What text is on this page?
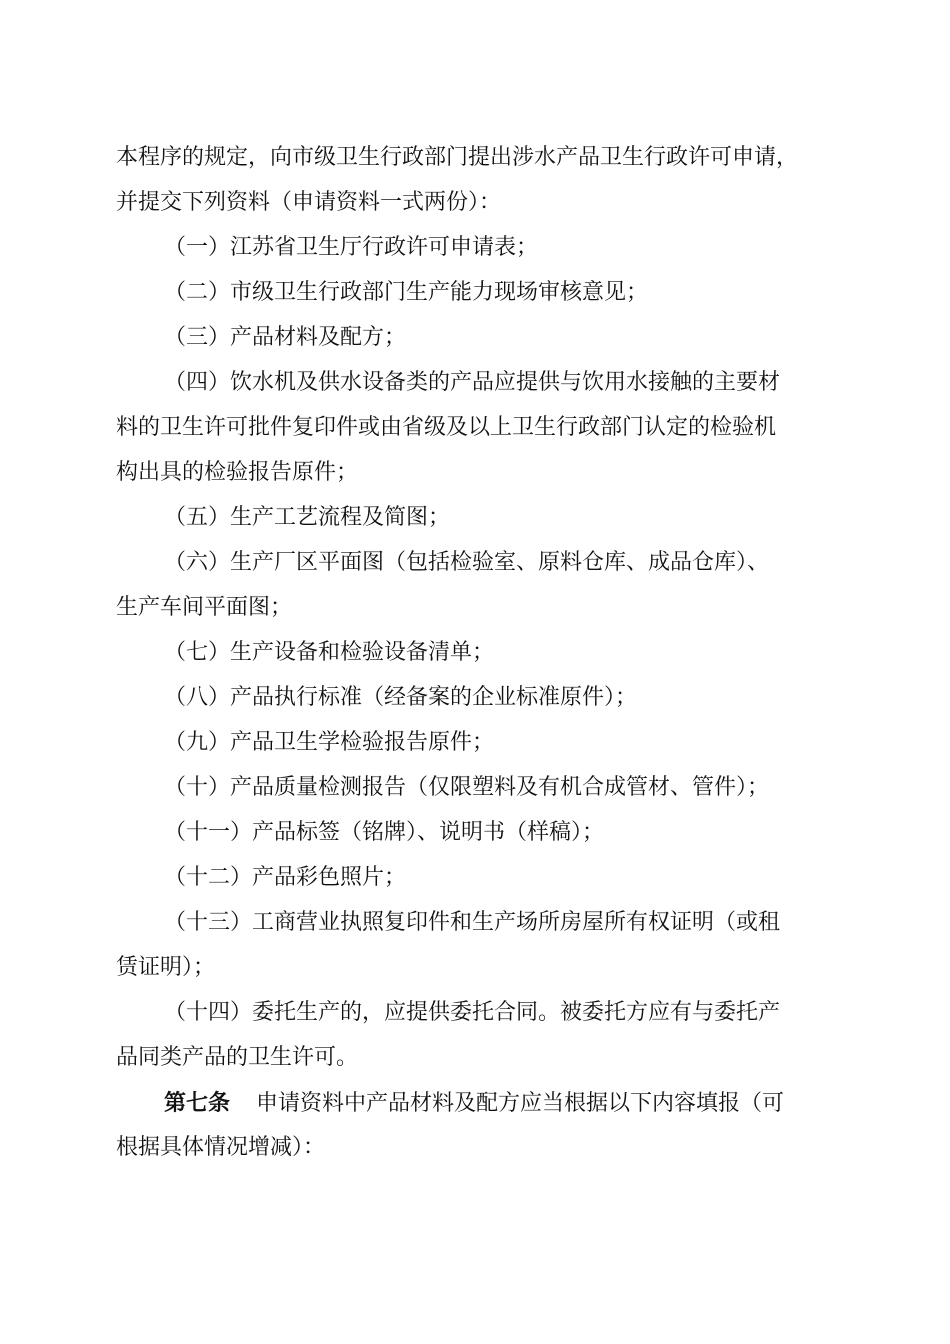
本程序的规定，向市级卫生行政部门提出涉水产品卫生行政许可申请，
并提交下列资料（申请资料一式两份）：
（一）江苏省卫生厅行政许可申请表；
（二）市级卫生行政部门生产能力现场审核意见；
（三）产品材料及配方；
（四）饮水机及供水设备类的产品应提供与饮用水接触的主要材
料的卫生许可批件复印件或由省级及以上卫生行政部门认定的检验机
构出具的检验报告原件；
（五）生产工艺流程及简图；
（六）生产厂区平面图（包括检验室、原料仓库、成品仓库）、
生产车间平面图；
（七）生产设备和检验设备清单；
（八）产品执行标准（经备案的企业标准原件）；
（九）产品卫生学检验报告原件；
（十）产品质量检测报告（仅限塑料及有机合成管材、管件）；
（十一）产品标签（铭牌）、说明书（样稿）；
（十二）产品彩色照片；
（十三）工商营业执照复印件和生产场所房屋所有权证明（或租
赁证明）；
（十四）委托生产的，应提供委托合同。被委托方应有与委托产
品同类产品的卫生许可。
第七条 申请资料中产品材料及配方应当根据以下内容填报（可
根据具体情况增减）：
